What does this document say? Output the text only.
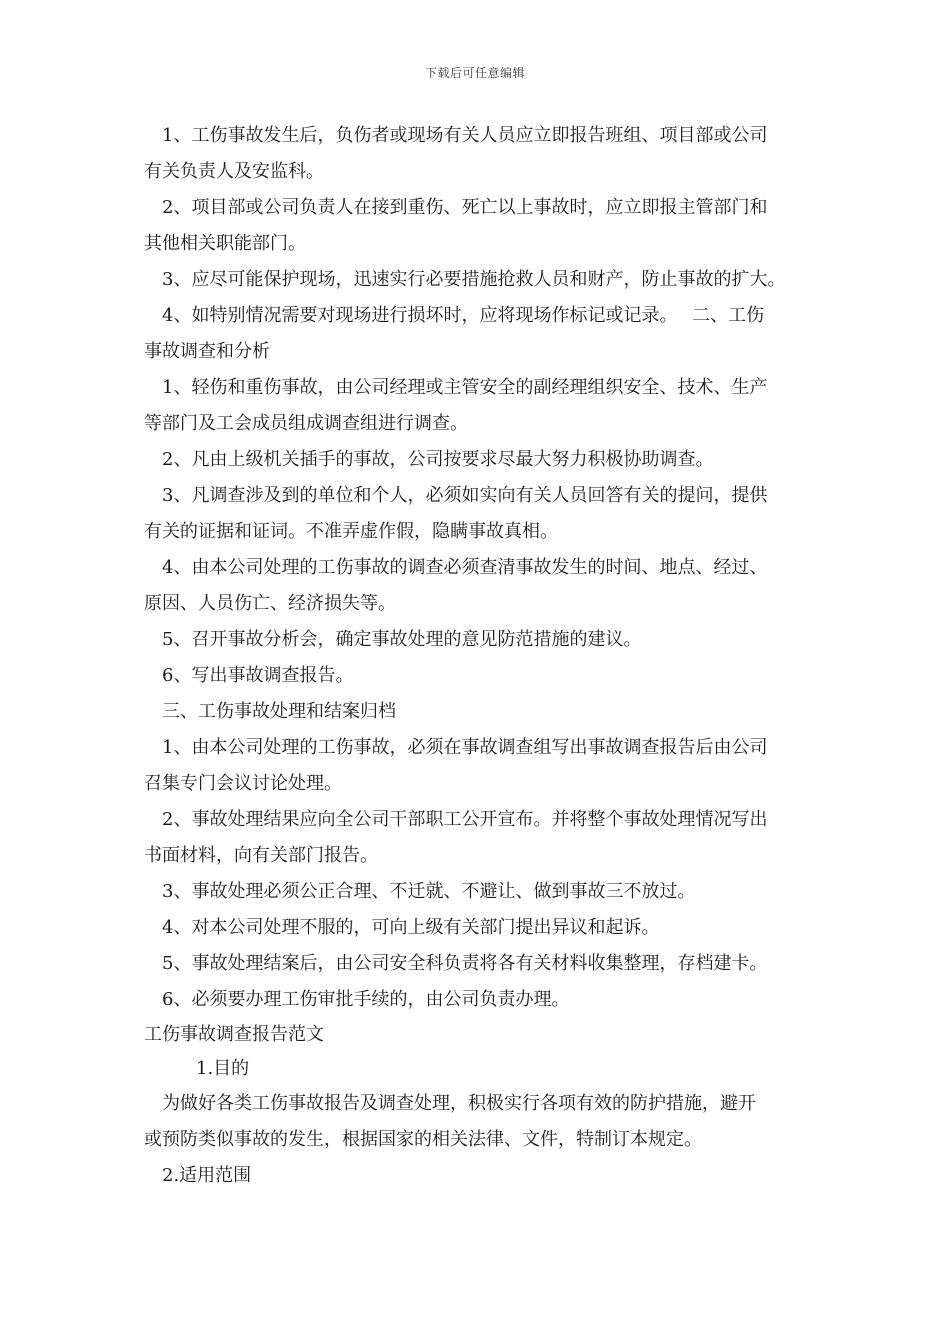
下载后可任意编辑
1、工伤事故发生后，负伤者或现场有关人员应立即报告班组、项目部或公司
有关负责人及安监科。
2、项目部或公司负责人在接到重伤、死亡以上事故时，应立即报主管部门和
其他相关职能部门。
3、应尽可能保护现场，迅速实行必要措施抢救人员和财产，防止事故的扩大。
4、如特别情况需要对现场进行损坏时，应将现场作标记或记录。　 二、工伤
事故调查和分析
1、轻伤和重伤事故，由公司经理或主管安全的副经理组织安全、技术、生产
等部门及工会成员组成调查组进行调查。
2、凡由上级机关插手的事故，公司按要求尽最大努力积极协助调查。
3、凡调查涉及到的单位和个人，必须如实向有关人员回答有关的提问，提供
有关的证据和证词。不准弄虚作假，隐瞒事故真相。
4、由本公司处理的工伤事故的调查必须查清事故发生的时间、地点、经过、
原因、人员伤亡、经济损失等。
5、召开事故分析会，确定事故处理的意见防范措施的建议。
6、写出事故调查报告。
三、工伤事故处理和结案归档
1、由本公司处理的工伤事故，必须在事故调查组写出事故调查报告后由公司
召集专门会议讨论处理。
2、事故处理结果应向全公司干部职工公开宣布。并将整个事故处理情况写出
书面材料，向有关部门报告。
3、事故处理必须公正合理、不迁就、不避让、做到事故三不放过。
4、对本公司处理不服的，可向上级有关部门提出异议和起诉。
5、事故处理结案后，由公司安全科负责将各有关材料收集整理，存档建卡。
6、必须要办理工伤审批手续的，由公司负责办理。
工伤事故调查报告范文
1.目的
为做好各类工伤事故报告及调查处理，积极实行各项有效的防护措施，避开
或预防类似事故的发生，根据国家的相关法律、文件，特制订本规定。
2.适用范围
